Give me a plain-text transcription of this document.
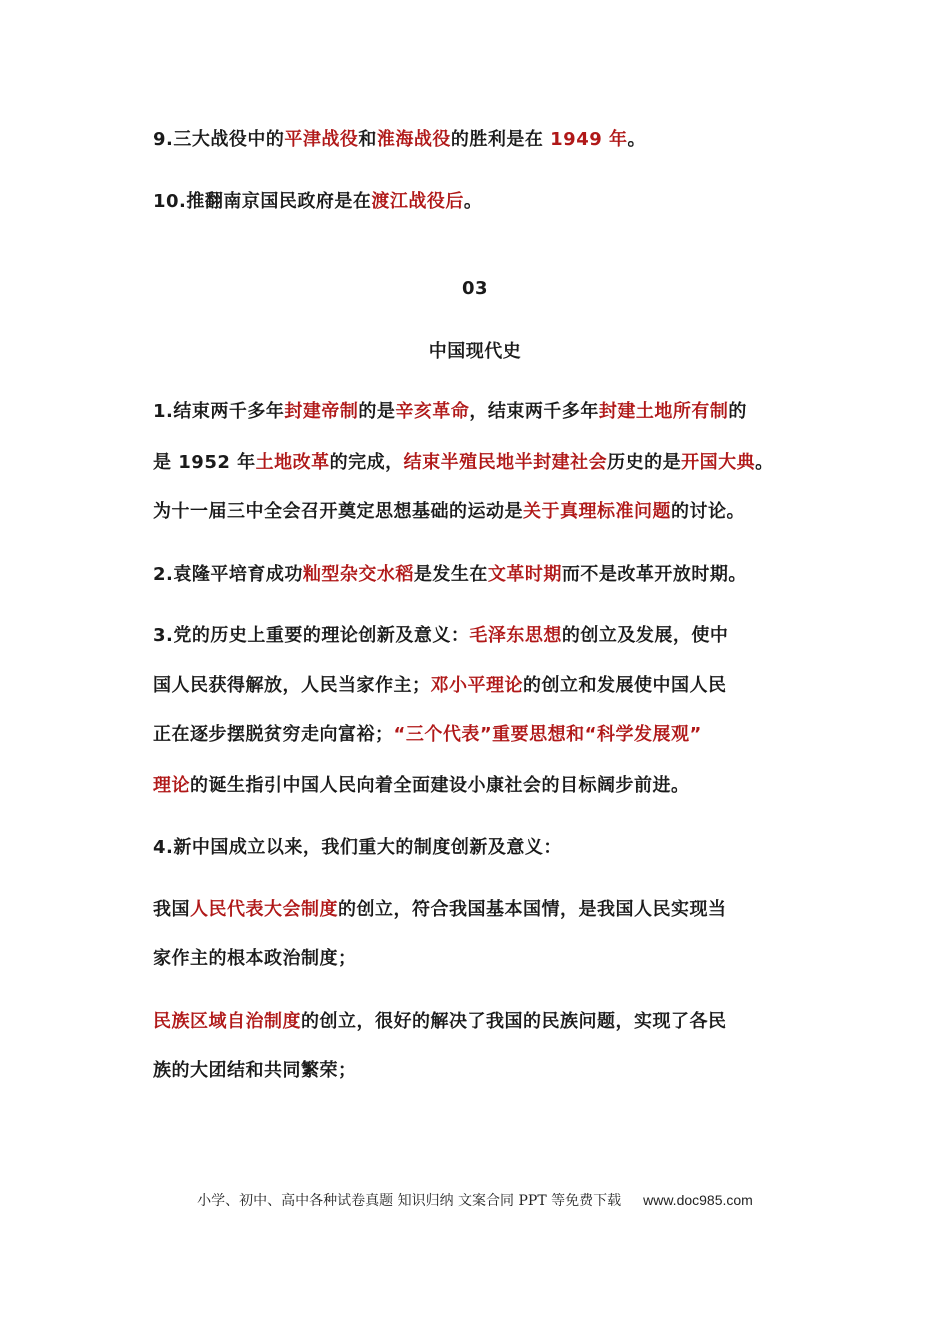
9.三大战役中的平津战役和淮海战役的胜利是在 1949 年。
10.推翻南京国民政府是在渡江战役后。
03
中国现代史
1.结束两千多年封建帝制的是辛亥革命，结束两千多年封建土地所有制的
是 1952 年土地改革的完成，结束半殖民地半封建社会历史的是开国大典。
为十一届三中全会召开奠定思想基础的运动是关于真理标准问题的讨论。
2.袁隆平培育成功籼型杂交水稻是发生在文革时期而不是改革开放时期。
3.党的历史上重要的理论创新及意义：毛泽东思想的创立及发展，使中
国人民获得解放，人民当家作主；邓小平理论的创立和发展使中国人民
正在逐步摆脱贫穷走向富裕；“三个代表”重要思想和“科学发展观”
理论的诞生指引中国人民向着全面建设小康社会的目标阔步前进。
4.新中国成立以来，我们重大的制度创新及意义：
我国人民代表大会制度的创立，符合我国基本国情，是我国人民实现当
家作主的根本政治制度；
民族区域自治制度的创立，很好的解决了我国的民族问题，实现了各民
族的大团结和共同繁荣；
小学、初中、高中各种试卷真题 知识归纳 文案合同 PPT 等免费下载 www.doc985.com
